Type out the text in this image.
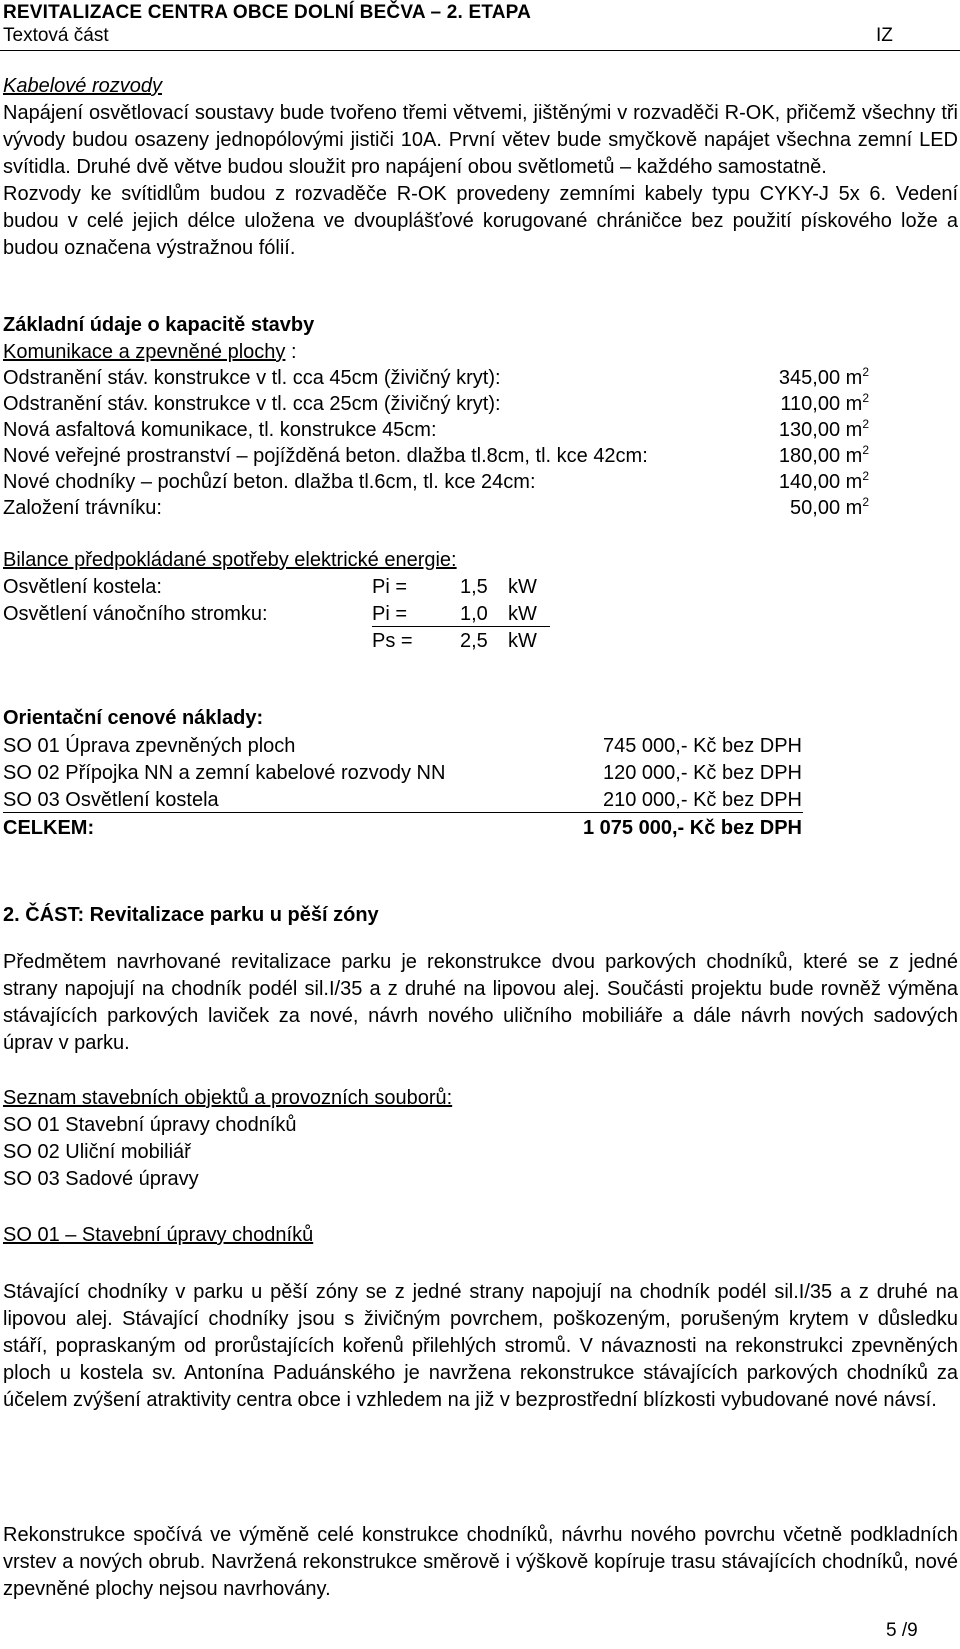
REVITALIZACE CENTRA OBCE DOLNÍ BEČVA – 2. ETAPA
Textová část	IZ
Kabelové rozvody
Napájení osvětlovací soustavy bude tvořeno třemi větvemi, jištěnými v rozvaděči R-OK, přičemž všechny tři vývody budou osazeny jednopólovými jističi 10A. První větev bude smyčkově napájet všechna zemní LED svítidla. Druhé dvě větve budou sloužit pro napájení obou světlometů – každého samostatně.
Rozvody ke svítidlům budou z rozvaděče R-OK provedeny zemními kabely typu CYKY-J 5x 6. Vedení budou v celé jejich délce uložena ve dvouplášťové korugované chráničce bez použití pískového lože a budou označena výstražnou fólií.
Základní údaje o kapacitě stavby
Komunikace a zpevněné plochy :
Odstranění stáv. konstrukce v tl. cca 45cm (živičný kryt):	345,00 $m^2$
Odstranění stáv. konstrukce v tl. cca 25cm (živičný kryt):	110,00 $m^2$
Nová asfaltová komunikace, tl. konstrukce 45cm:	130,00 $m^2$
Nové veřejné prostranství – pojížděná beton. dlažba tl.8cm, tl. kce 42cm:	180,00 $m^2$
Nové chodníky – pochůzí beton. dlažba tl.6cm, tl. kce 24cm:	140,00 $m^2$
Založení trávníku:	50,00 $m^2$
Bilance předpokládané spotřeby elektrické energie:
Osvětlení kostela:	Pi =	1,5 kW
Osvětlení vánočního stromku:	Pi =	1,0 kW
Ps = 2,5 kW
Orientační cenové náklady:
SO 01 Úprava zpevněných ploch	745 000,- Kč bez DPH
SO 02 Přípojka NN a zemní kabelové rozvody NN	120 000,- Kč bez DPH
SO 03 Osvětlení kostela	210 000,- Kč bez DPH
CELKEM:	1 075 000,- Kč bez DPH
2. ČÁST: Revitalizace parku u pěší zóny
Předmětem navrhované revitalizace parku je rekonstrukce dvou parkových chodníků, které se z jedné strany napojují na chodník podél sil.I/35 a z druhé na lipovou alej. Součásti projektu bude rovněž výměna stávajících parkových laviček za nové, návrh nového uličního mobiliáře a dále návrh nových sadových úprav v parku.
Seznam stavebních objektů a provozních souborů:
SO 01 Stavební úpravy chodníků
SO 02 Uliční mobiliář
SO 03 Sadové úpravy
SO 01 – Stavební úpravy chodníků
Stávající chodníky v parku u pěší zóny se z jedné strany napojují na chodník podél sil.I/35 a z druhé na lipovou alej. Stávající chodníky jsou s živičným povrchem, poškozeným, porušeným krytem v důsledku stáří, popraskaným od prorůstajících kořenů přilehlých stromů. V návaznosti na rekonstrukci zpevněných ploch u kostela sv. Antonína Paduánského je navržena rekonstrukce stávajících parkových chodníků za účelem zvýšení atraktivity centra obce i vzhledem na již v bezprostřední blízkosti vybudované nové návsí.
Rekonstrukce spočívá ve výměně celé konstrukce chodníků, návrhu nového povrchu včetně podkladních vrstev a nových obrub. Navržená rekonstrukce směrově i výškově kopíruje trasu stávajících chodníků, nové zpevněné plochy nejsou navrhovány.
5 /9
